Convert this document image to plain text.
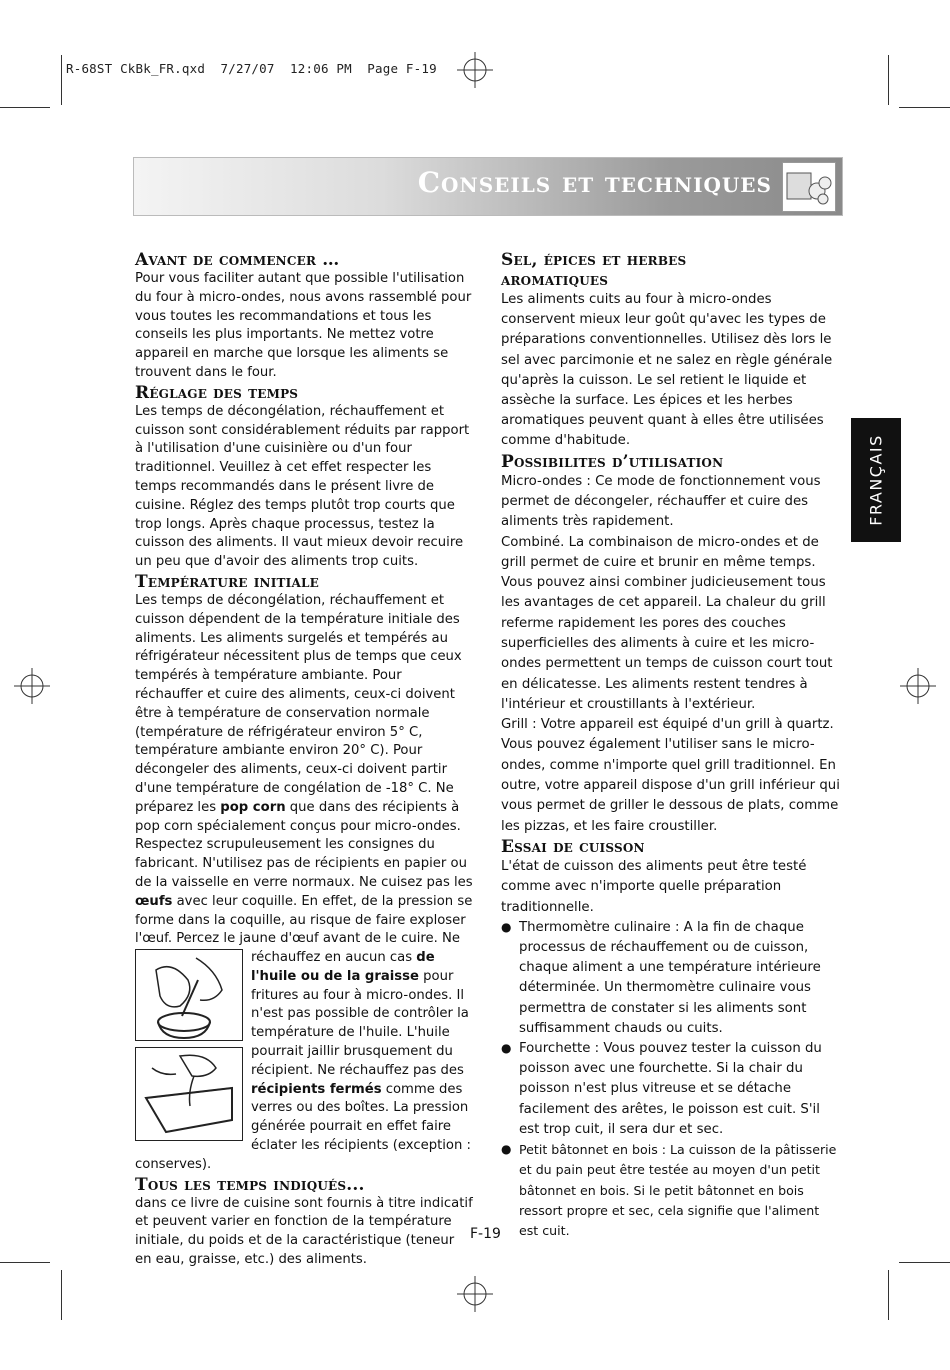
R-68ST CkBk_FR.qxd  7/27/07  12:06 PM  Page F-19
Conseils et techniques
FRANÇAIS
Avant de commencer …

Pour vous faciliter autant que possible l'utilisation du four à micro-ondes, nous avons rassemblé pour vous toutes les recommandations et tous les conseils les plus importants. Ne mettez votre appareil en marche que lorsque les aliments se trouvent dans le four.

Réglage des temps

Les temps de décongélation, réchauffement et cuisson sont considérablement réduits par rapport à l'utilisation d'une cuisinière ou d'un four traditionnel. Veuillez à cet effet respecter les temps recommandés dans le présent livre de cuisine. Réglez des temps plutôt trop courts que trop longs. Après chaque processus, testez la cuisson des aliments. Il vaut mieux devoir recuire un peu que d'avoir des aliments trop cuits.

Température initiale
Les temps de décongélation, réchauffement et cuisson dépendent de la température initiale des aliments. Les aliments surgelés et tempérés au réfrigérateur nécessitent plus de temps que ceux tempérés à température ambiante. Pour réchauffer et cuire des aliments, ceux-ci doivent être à température de conservation normale (température de réfrigérateur environ 5° C, température ambiante environ 20° C). Pour décongeler des aliments, ceux-ci doivent partir d'une température de congélation de -18° C. Ne préparez les pop corn que dans des récipients à pop corn spécialement conçus pour micro-ondes. Respectez scrupuleusement les consignes du fabricant. N'utilisez pas de récipients en papier ou de la vaisselle en verre normaux. Ne cuisez pas les œufs avec leur coquille. En effet, de la pression se forme dans la coquille, au risque de faire exploser l'œuf. Percez le jaune d'œuf avant de le cuire. Ne réchauffez en aucun cas
de l'huile ou de la graisse pour fritures au four à micro-ondes. Il n'est pas possible de contrôler la température de l'huile. L'huile pourrait jaillir brusquement du récipient. Ne réchauffez pas des récipients fermés comme des verres ou des boîtes. La pression générée pourrait en effet faire éclater les récipients (exception : conserves).
Tous les temps indiqués...

dans ce livre de cuisine sont fournis à titre indicatif et peuvent varier en fonction de la température initiale, du poids et de la caractéristique (teneur en eau, graisse, etc.) des aliments.

Sel, épices et herbes aromatiques

Les aliments cuits au four à micro-ondes conservent mieux leur goût qu'avec les types de préparations conventionnelles. Utilisez dès lors le sel avec parcimonie et ne salez en règle générale qu'après la cuisson. Le sel retient le liquide et assèche la surface. Les épices et les herbes aromatiques peuvent quant à elles être utilisées comme d'habitude.

Possibilites d’utilisation

Micro-ondes : Ce mode de fonctionnement vous permet de décongeler, réchauffer et cuire des aliments très rapidement.

Combiné. La combinaison de micro-ondes et de grill permet de cuire et brunir en même temps. Vous pouvez ainsi combiner judicieusement tous les avantages de cet appareil. La chaleur du grill referme rapidement les pores des couches superficielles des aliments à cuire et les micro-ondes permettent un temps de cuisson court tout en délicatesse. Les aliments restent tendres à l'intérieur et croustillants à l'extérieur.

Grill : Votre appareil est équipé d'un grill à quartz. Vous pouvez également l'utiliser sans le micro-ondes, comme n'importe quel grill traditionnel. En outre, votre appareil dispose d'un grill inférieur qui vous permet de griller le dessous de plats, comme les pizzas, et les faire croustiller.

Essai de cuisson

L'état de cuisson des aliments peut être testé comme avec n'importe quelle préparation traditionnelle.

● Thermomètre culinaire : A la fin de chaque processus de réchauffement ou de cuisson, chaque aliment a une température intérieure déterminée. Un thermomètre culinaire vous permettra de constater si les aliments sont suffisamment chauds ou cuits.

● Fourchette : Vous pouvez tester la cuisson du poisson avec une fourchette. Si la chair du poisson n'est plus vitreuse et se détache facilement des arêtes, le poisson est cuit. S'il est trop cuit, il sera dur et sec.

● Petit bâtonnet en bois : La cuisson de la pâtisserie et du pain peut être testée au moyen d'un petit bâtonnet en bois. Si le petit bâtonnet en bois ressort propre et sec, cela signifie que l'aliment est cuit.

F-19
